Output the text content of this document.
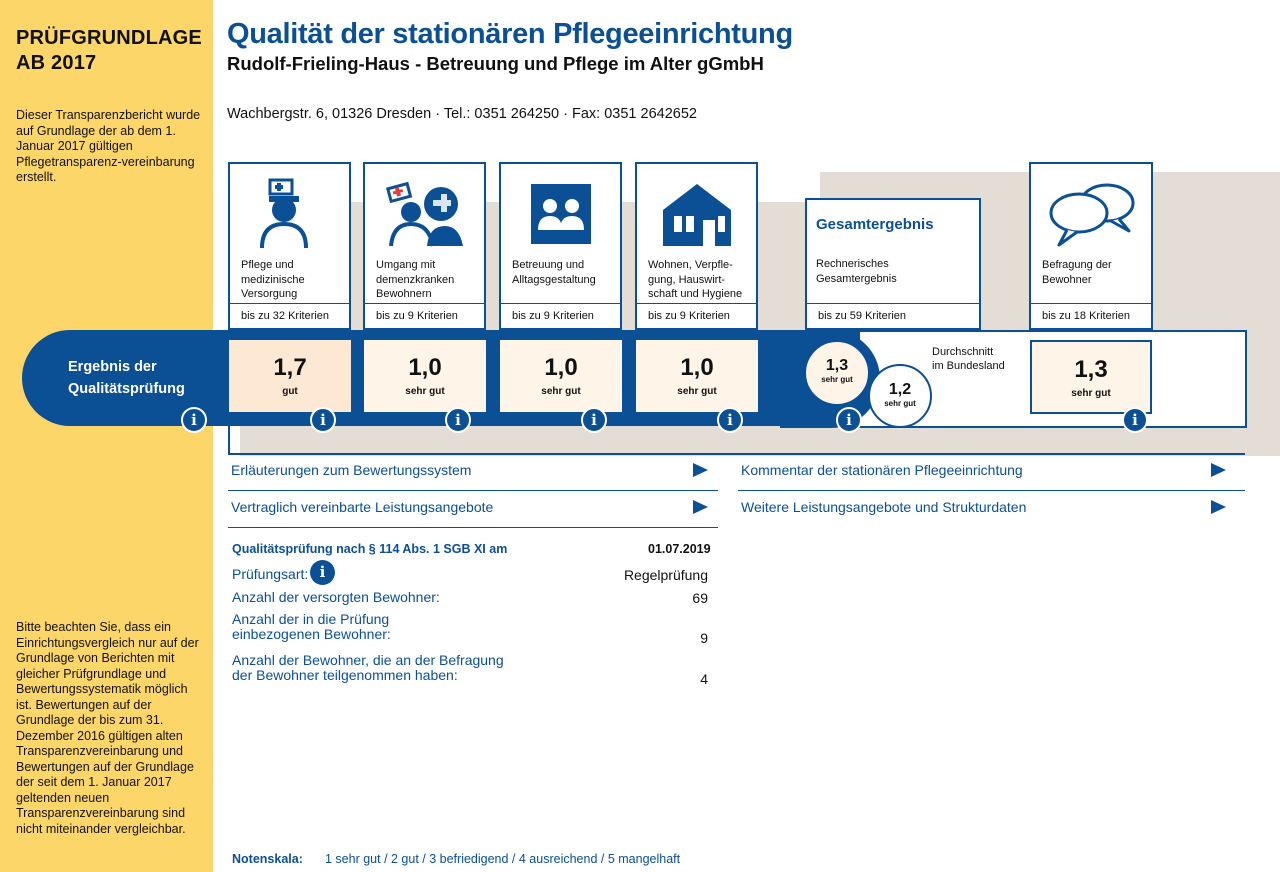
PRÜFGRUNDLAGE
AB 2017
Dieser Transparenzbericht wurde auf Grundlage der ab dem 1. Januar 2017 gültigen Pflegetransparenz-vereinbarung erstellt.
Bitte beachten Sie, dass ein Einrichtungsvergleich nur auf der Grundlage von Berichten mit gleicher Prüfgrundlage und Bewertungssystematik möglich ist. Bewertungen auf der Grundlage der bis zum 31. Dezember 2016 gültigen alten Transparenzvereinbarung und Bewertungen auf der Grundlage der seit dem 1. Januar 2017 geltenden neuen Transparenzvereinbarung sind nicht miteinander vergleichbar.
Qualität der stationären Pflegeeinrichtung
Rudolf-Frieling-Haus - Betreuung und Pflege im Alter gGmbH
Wachbergstr. 6, 01326 Dresden · Tel.: 0351 264250 · Fax: 0351 2642652
Pflege und
medizinische
Versorgung
bis zu 32 Kriterien
Umgang mit
demenzkranken
Bewohnern
bis zu 9 Kriterien
Betreuung und
Alltagsgestaltung
bis zu 9 Kriterien
Wohnen, Verpfle-
gung, Hauswirt-
schaft und Hygiene
bis zu 9 Kriterien
Gesamtergebnis
Rechnerisches
Gesamtergebnis
bis zu 59 Kriterien
Befragung der
Bewohner
bis zu 18 Kriterien
Ergebnis der
Qualitätsprüfung
1,7
gut
1,0
sehr gut
1,0
sehr gut
1,0
sehr gut
1,3
sehr gut
1,2
sehr gut
Durchschnitt
im Bundesland	1,3
sehr gut
i	i	i	i	i	i	i
Erläuterungen zum Bewertungssystem	Kommentar der stationären Pflegeeinrichtung
Vertraglich vereinbarte Leistungsangebote	Weitere Leistungsangebote und Strukturdaten
Qualitätsprüfung nach § 114 Abs. 1 SGB XI am	01.07.2019
Prüfungsart: i	Regelprüfung
Anzahl der versorgten Bewohner:	69
Anzahl der in die Prüfung
einbezogenen Bewohner:	9
Anzahl der Bewohner, die an der Befragung
der Bewohner teilgenommen haben:	4
Notenskala: 1 sehr gut / 2 gut / 3 befriedigend / 4 ausreichend / 5 mangelhaft
